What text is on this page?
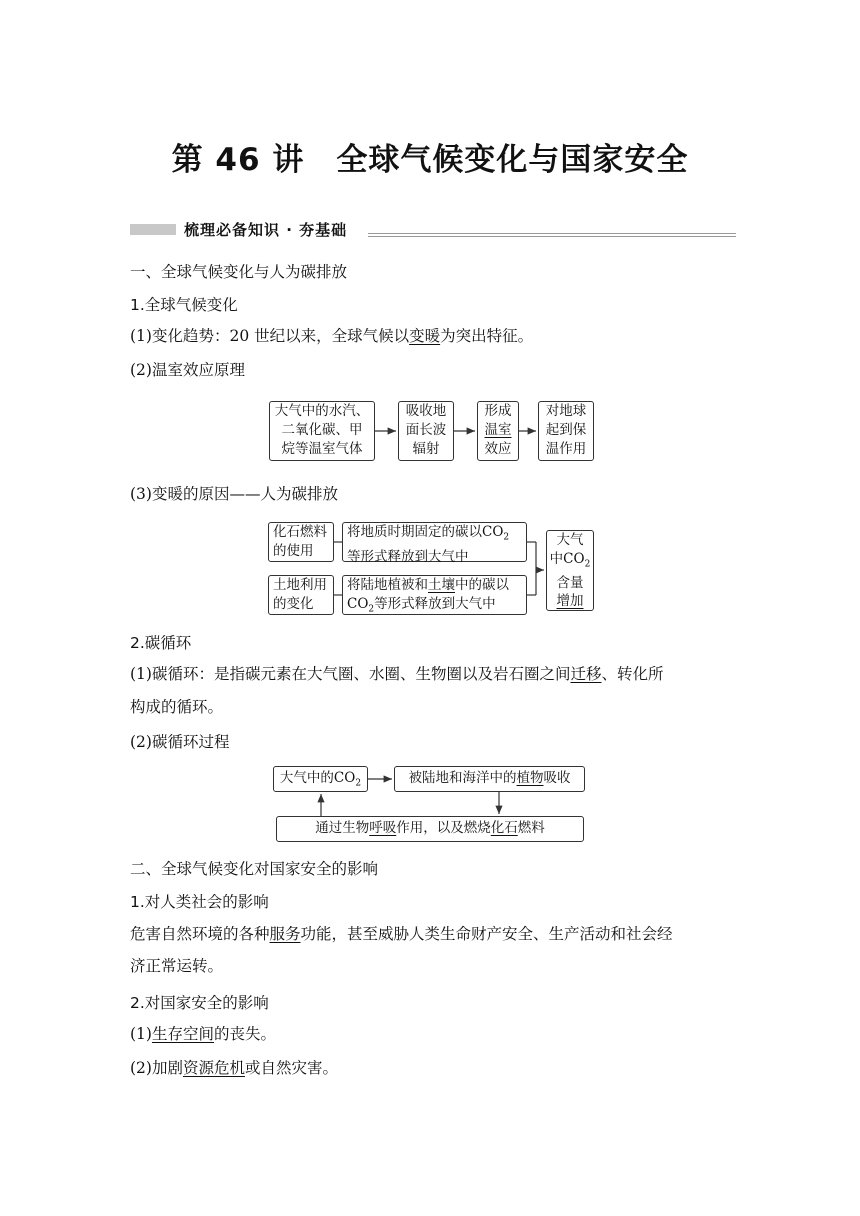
第 46 讲　全球气候变化与国家安全
梳理必备知识 · 夯基础
一、全球气候变化与人为碳排放
1.全球气候变化
(1)变化趋势：20 世纪以来，全球气候以变暖为突出特征。
(2)温室效应原理
大气中的水汽、
二氧化碳、甲
烷等温室气体
吸收地
面长波
辐射
形成
温室
效应
对地球
起到保
温作用
(3)变暖的原因——人为碳排放
化石燃料
的使用
将地质时期固定的碳以$CO_2$
等形式释放到大气中
土地利用
的变化
将陆地植被和土壤中的碳以
$CO_2$等形式释放到大气中
大气
中$CO_2$
含量
增加
2.碳循环
(1)碳循环：是指碳元素在大气圈、水圈、生物圈以及岩石圈之间迁移、转化所
构成的循环。
(2)碳循环过程
大气中的$CO_2$	被陆地和海洋中的植物吸收
通过生物呼吸作用，以及燃烧化石燃料
二、全球气候变化对国家安全的影响
1.对人类社会的影响
危害自然环境的各种服务功能，甚至威胁人类生命财产安全、生产活动和社会经
济正常运转。
2.对国家安全的影响
(1)生存空间的丧失。
(2)加剧资源危机或自然灾害。
